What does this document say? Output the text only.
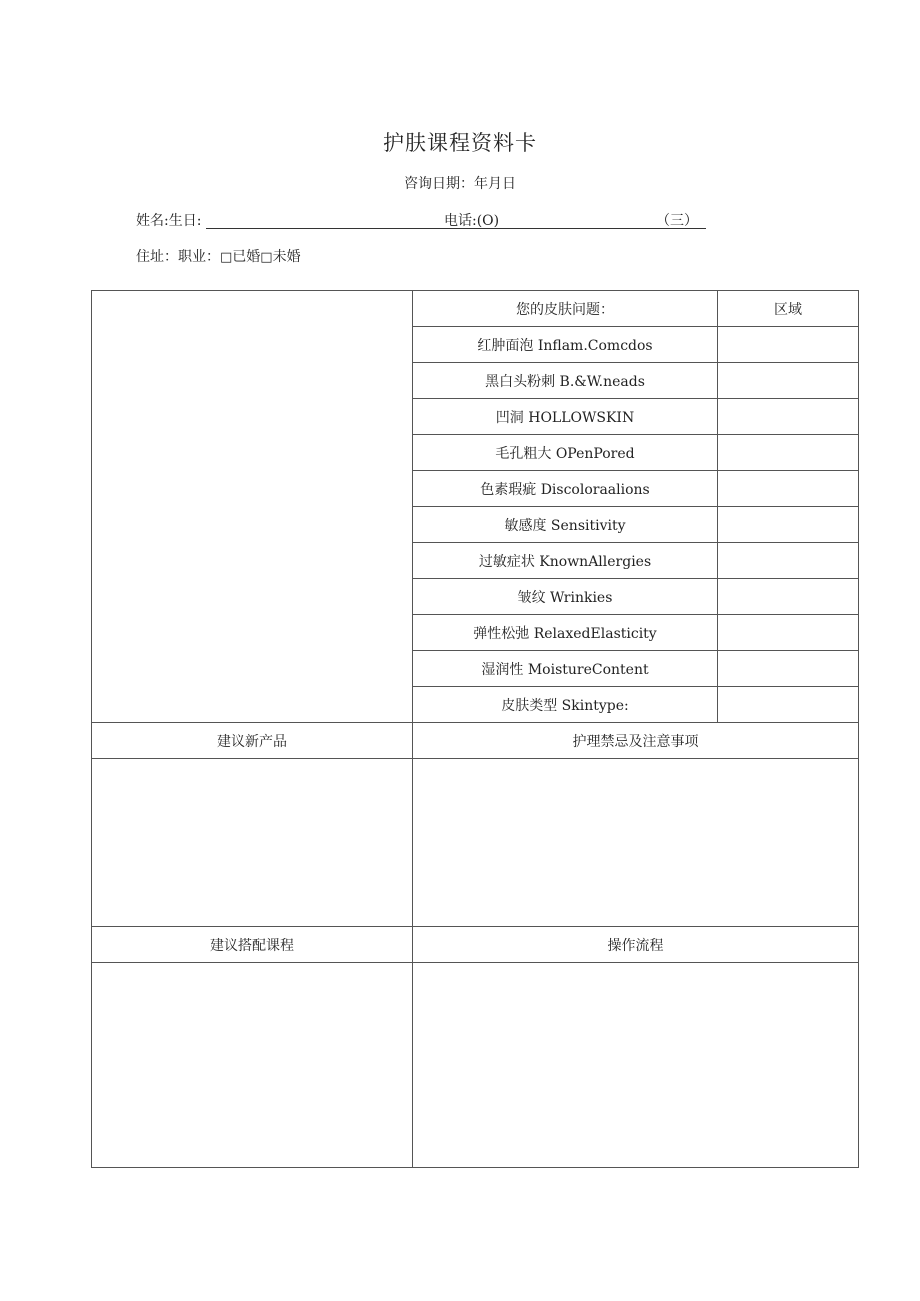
护肤课程资料卡
咨询日期：年月日
姓名:生日:	电话:(O)	（三）
住址：职业：□已婚□未婚
	您的皮肤问题：	区域
	红肿面泡 Inflam.Comcdos	
	黑白头粉刺 B.&W.neads	
	凹洞 HOLLOWSKIN	
	毛孔粗大 OPenPored	
	色素瑕疵 Discoloraalions	
	敏感度 Sensitivity	
	过敏症状 KnownAllergies	
	皱纹 Wrinkies	
	弹性松弛 RelaxedElasticity	
	湿润性 MoistureContent	
	皮肤类型 Skintype:	
建议新产品	护理禁忌及注意事项	

建议搭配课程	操作流程	
